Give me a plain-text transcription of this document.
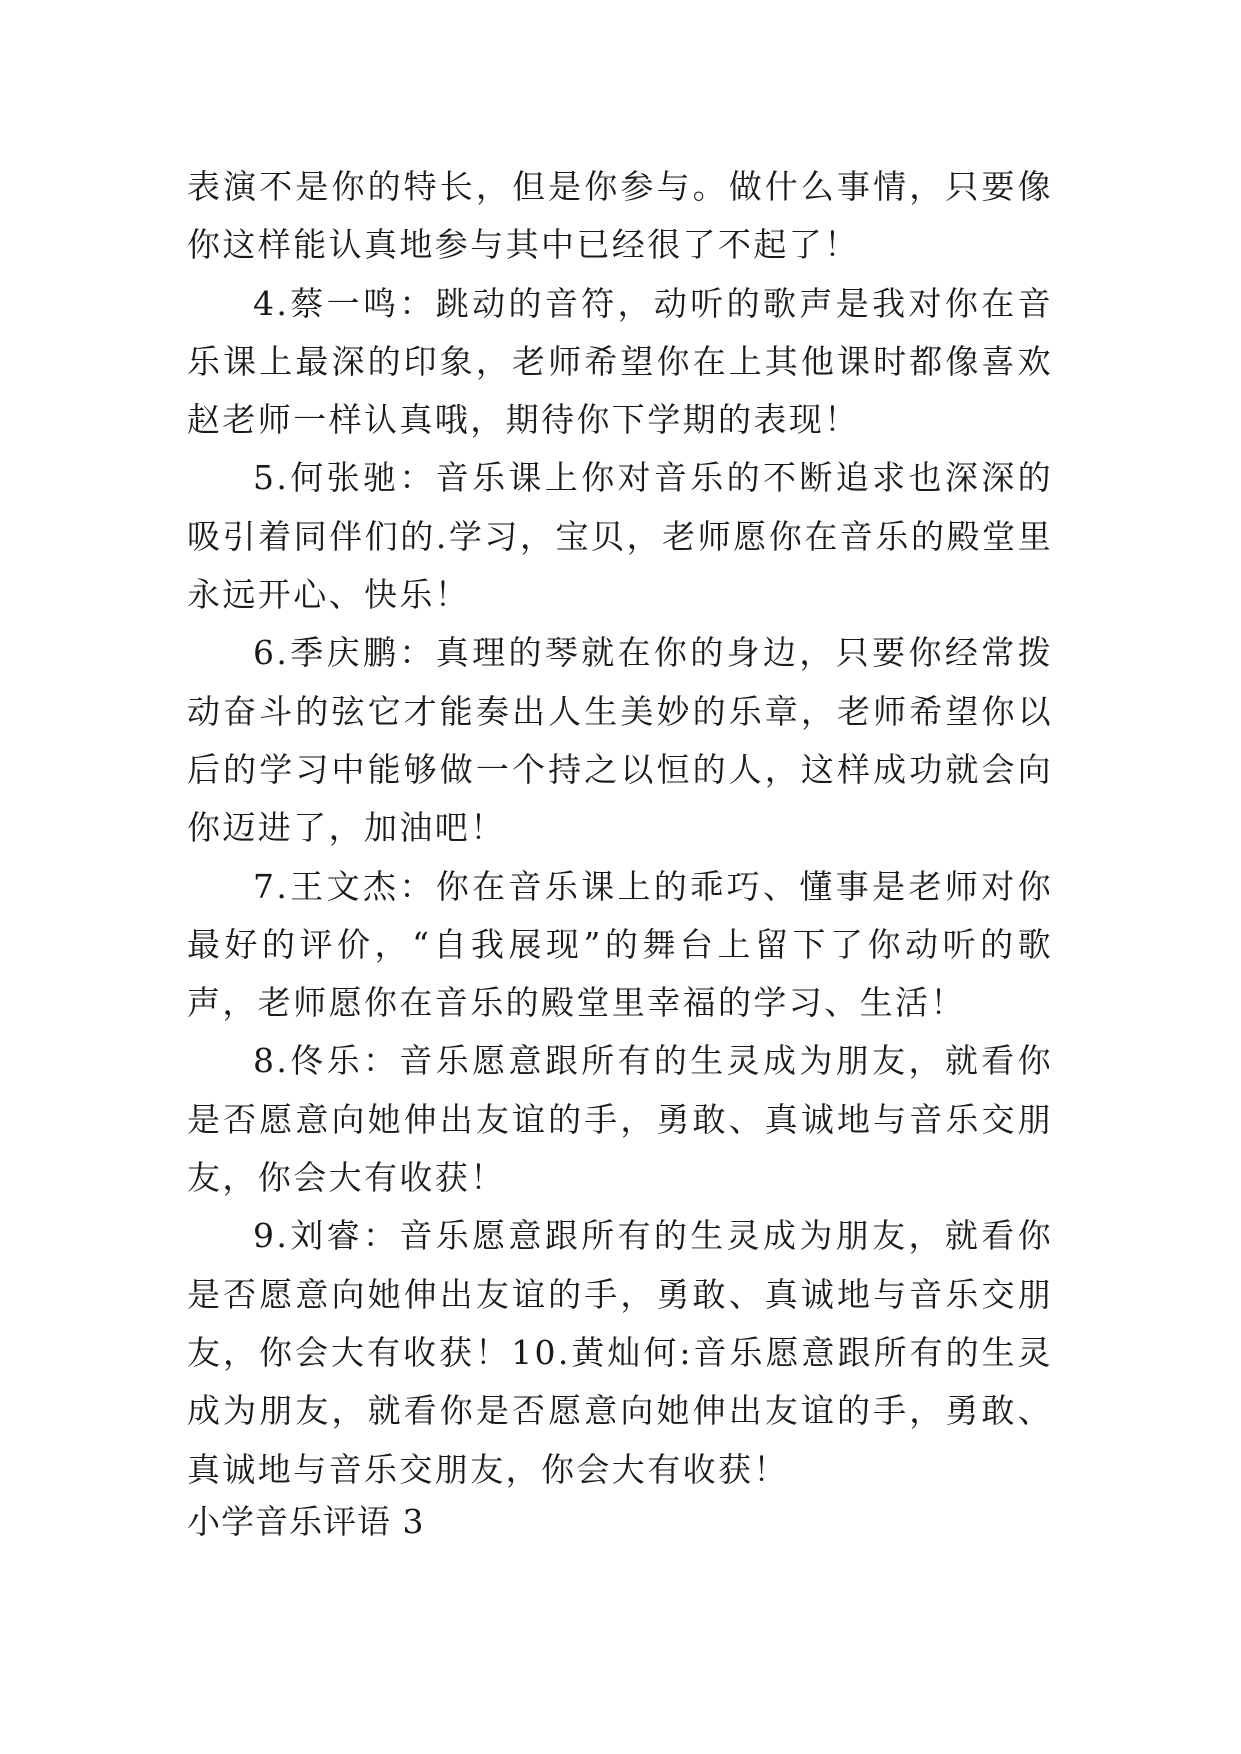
表演不是你的特长，但是你参与。做什么事情，只要像你这样能认真地参与其中已经很了不起了！

4.蔡一鸣：跳动的音符，动听的歌声是我对你在音乐课上最深的印象，老师希望你在上其他课时都像喜欢赵老师一样认真哦，期待你下学期的表现！

5.何张驰：音乐课上你对音乐的不断追求也深深的吸引着同伴们的.学习，宝贝，老师愿你在音乐的殿堂里永远开心、快乐！

6.季庆鹏：真理的琴就在你的身边，只要你经常拨动奋斗的弦它才能奏出人生美妙的乐章，老师希望你以后的学习中能够做一个持之以恒的人，这样成功就会向你迈进了，加油吧！

7.王文杰：你在音乐课上的乖巧、懂事是老师对你最好的评价，“自我展现”的舞台上留下了你动听的歌声，老师愿你在音乐的殿堂里幸福的学习、生活！

8.佟乐：音乐愿意跟所有的生灵成为朋友，就看你是否愿意向她伸出友谊的手，勇敢、真诚地与音乐交朋友，你会大有收获！

9.刘睿：音乐愿意跟所有的生灵成为朋友，就看你是否愿意向她伸出友谊的手，勇敢、真诚地与音乐交朋友，你会大有收获！10.黄灿何:音乐愿意跟所有的生灵成为朋友，就看你是否愿意向她伸出友谊的手，勇敢、真诚地与音乐交朋友，你会大有收获！

小学音乐评语 3
